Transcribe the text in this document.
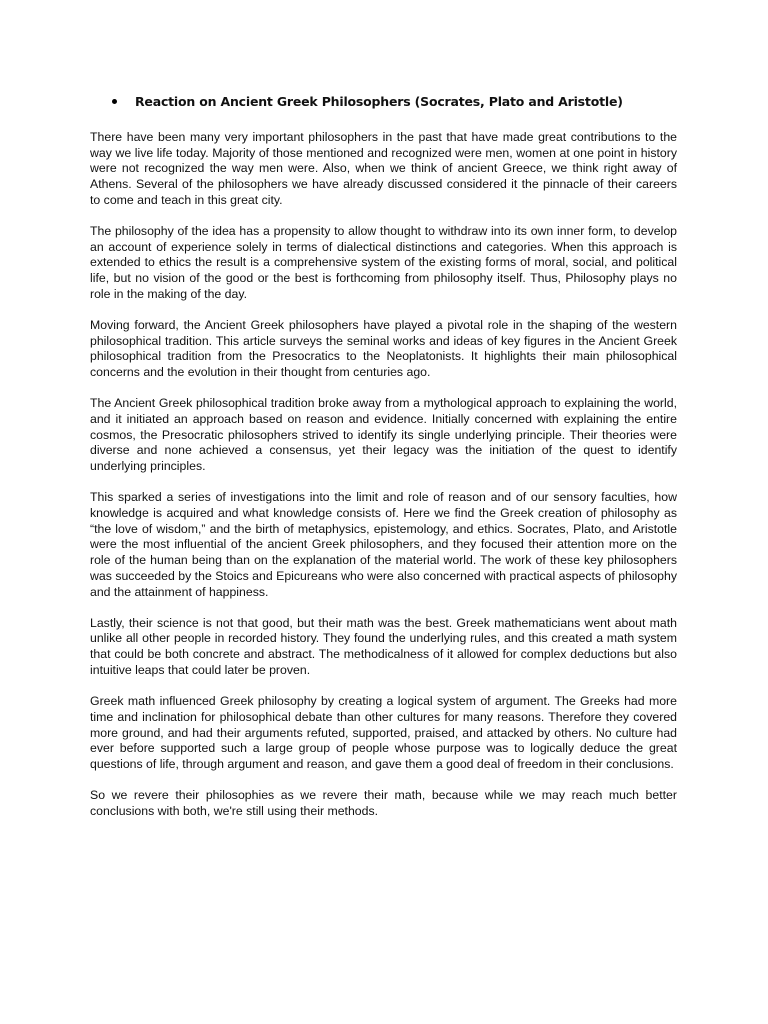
Reaction on Ancient Greek Philosophers (Socrates, Plato and Aristotle)

There have been many very important philosophers in the past that have made great contributions to the way we live life today. Majority of those mentioned and recognized were men, women at one point in history were not recognized the way men were. Also, when we think of ancient Greece, we think right away of Athens. Several of the philosophers we have already discussed considered it the pinnacle of their careers to come and teach in this great city.

The philosophy of the idea has a propensity to allow thought to withdraw into its own inner form, to develop an account of experience solely in terms of dialectical distinctions and categories. When this approach is extended to ethics the result is a comprehensive system of the existing forms of moral, social, and political life, but no vision of the good or the best is forthcoming from philosophy itself. Thus, Philosophy plays no role in the making of the day.

Moving forward, the Ancient Greek philosophers have played a pivotal role in the shaping of the western philosophical tradition. This article surveys the seminal works and ideas of key figures in the Ancient Greek philosophical tradition from the Presocratics to the Neoplatonists. It highlights their main philosophical concerns and the evolution in their thought from centuries ago.

The Ancient Greek philosophical tradition broke away from a mythological approach to explaining the world, and it initiated an approach based on reason and evidence. Initially concerned with explaining the entire cosmos, the Presocratic philosophers strived to identify its single underlying principle. Their theories were diverse and none achieved a consensus, yet their legacy was the initiation of the quest to identify underlying principles.

This sparked a series of investigations into the limit and role of reason and of our sensory faculties, how knowledge is acquired and what knowledge consists of. Here we find the Greek creation of philosophy as “the love of wisdom,” and the birth of metaphysics, epistemology, and ethics. Socrates, Plato, and Aristotle were the most influential of the ancient Greek philosophers, and they focused their attention more on the role of the human being than on the explanation of the material world. The work of these key philosophers was succeeded by the Stoics and Epicureans who were also concerned with practical aspects of philosophy and the attainment of happiness.

Lastly, their science is not that good, but their math was the best. Greek mathematicians went about math unlike all other people in recorded history. They found the underlying rules, and this created a math system that could be both concrete and abstract. The methodicalness of it allowed for complex deductions but also intuitive leaps that could later be proven.

Greek math influenced Greek philosophy by creating a logical system of argument. The Greeks had more time and inclination for philosophical debate than other cultures for many reasons. Therefore they covered more ground, and had their arguments refuted, supported, praised, and attacked by others. No culture had ever before supported such a large group of people whose purpose was to logically deduce the great questions of life, through argument and reason, and gave them a good deal of freedom in their conclusions.

So we revere their philosophies as we revere their math, because while we may reach much better conclusions with both, we're still using their methods.
